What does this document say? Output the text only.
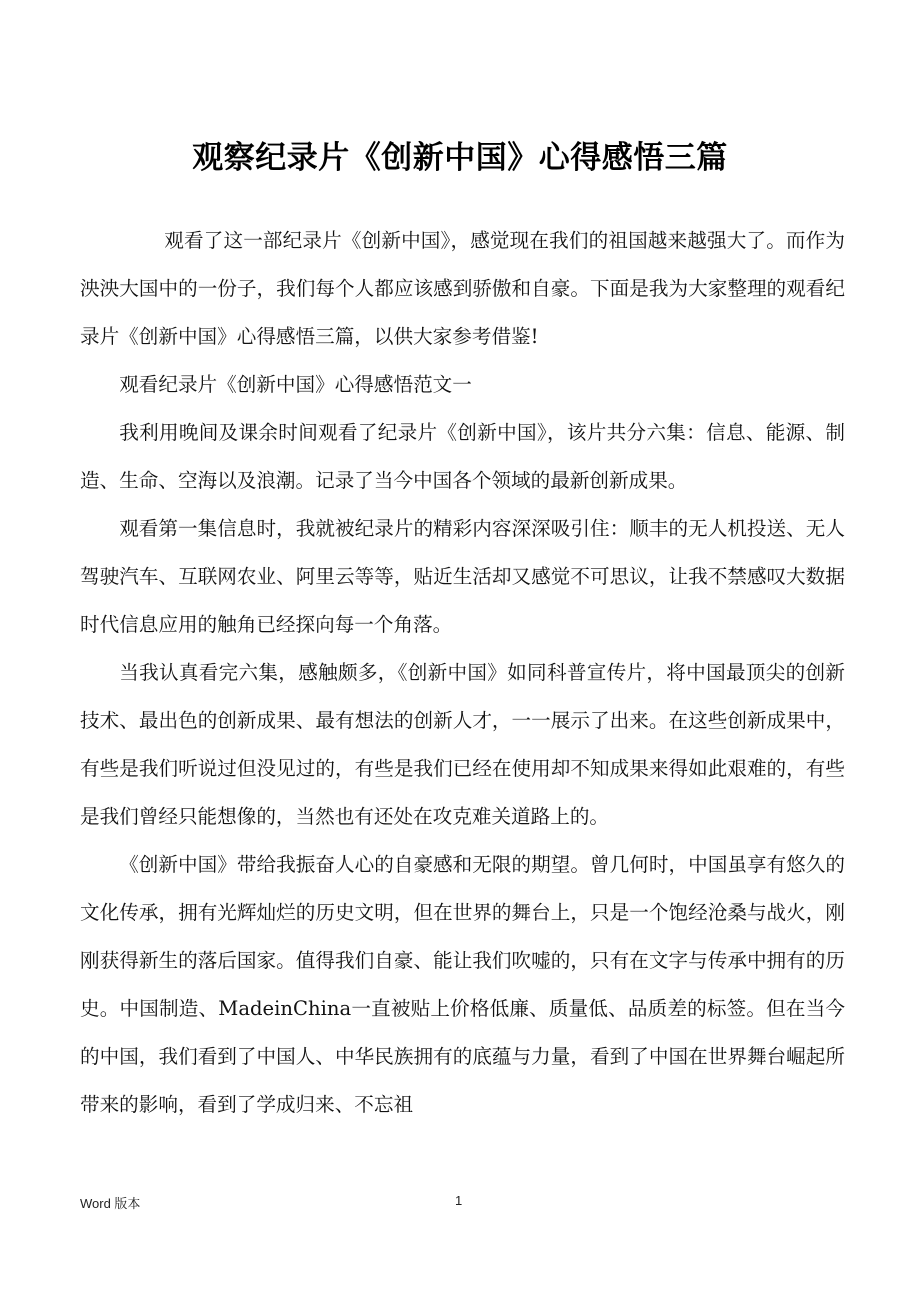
观察纪录片《创新中国》心得感悟三篇

观看了这一部纪录片《创新中国》，感觉现在我们的祖国越来越强大了。而作为泱泱大国中的一份子，我们每个人都应该感到骄傲和自豪。下面是我为大家整理的观看纪录片《创新中国》心得感悟三篇，以供大家参考借鉴!

观看纪录片《创新中国》心得感悟范文一

我利用晚间及课余时间观看了纪录片《创新中国》，该片共分六集：信息、能源、制造、生命、空海以及浪潮。记录了当今中国各个领域的最新创新成果。

观看第一集信息时，我就被纪录片的精彩内容深深吸引住：顺丰的无人机投送、无人驾驶汽车、互联网农业、阿里云等等，贴近生活却又感觉不可思议，让我不禁感叹大数据时代信息应用的触角已经探向每一个角落。

当我认真看完六集，感触颇多，《创新中国》如同科普宣传片，将中国最顶尖的创新技术、最出色的创新成果、最有想法的创新人才，一一展示了出来。在这些创新成果中，有些是我们听说过但没见过的，有些是我们已经在使用却不知成果来得如此艰难的，有些是我们曾经只能想像的，当然也有还处在攻克难关道路上的。

《创新中国》带给我振奋人心的自豪感和无限的期望。曾几何时，中国虽享有悠久的文化传承，拥有光辉灿烂的历史文明，但在世界的舞台上，只是一个饱经沧桑与战火，刚刚获得新生的落后国家。值得我们自豪、能让我们吹嘘的，只有在文字与传承中拥有的历史。中国制造、MadeinChina一直被贴上价格低廉、质量低、品质差的标签。但在当今的中国，我们看到了中国人、中华民族拥有的底蕴与力量，看到了中国在世界舞台崛起所带来的影响，看到了学成归来、不忘祖

Word 版本	1
